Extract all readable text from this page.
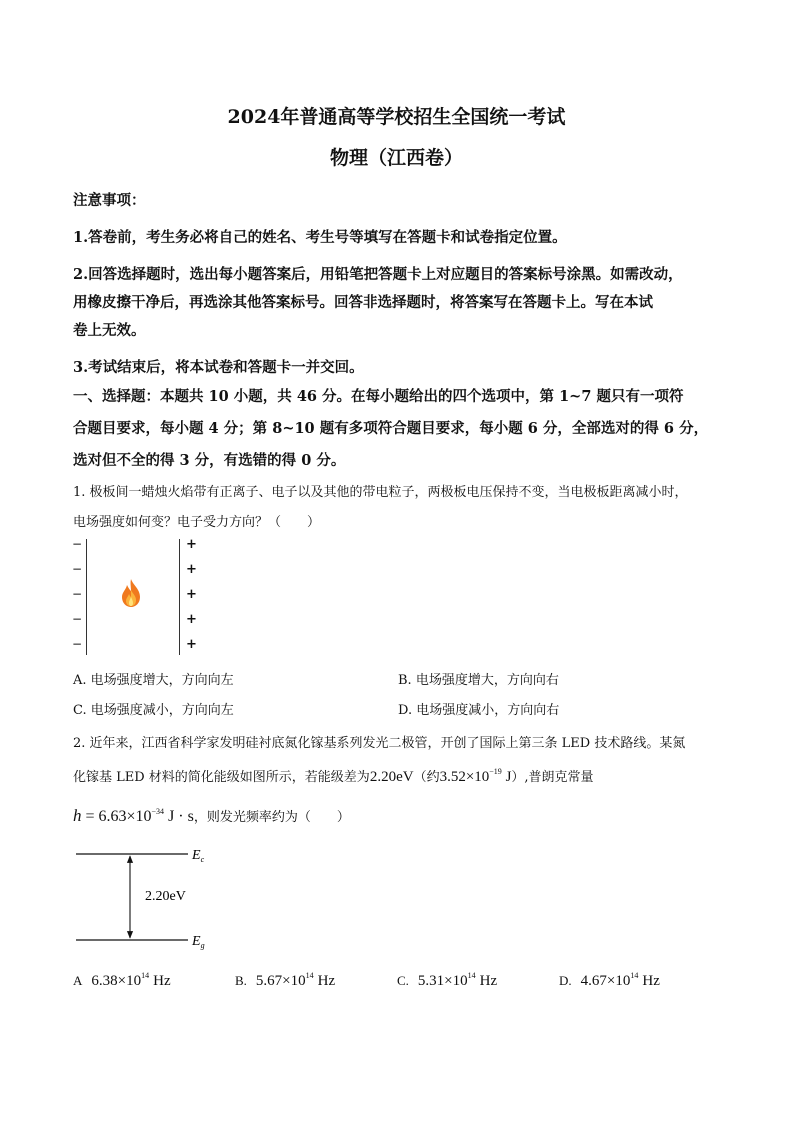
2024年普通高等学校招生全国统一考试
物理（江西卷）
注意事项：
1.答卷前，考生务必将自己的姓名、考生号等填写在答题卡和试卷指定位置。
2.回答选择题时，选出每小题答案后，用铅笔把答题卡上对应题目的答案标号涂黑。如需改动，
用橡皮擦干净后，再选涂其他答案标号。回答非选择题时，将答案写在答题卡上。写在本试
卷上无效。
3.考试结束后，将本试卷和答题卡一并交回。
一、选择题：本题共 10 小题，共 46 分。在每小题给出的四个选项中，第 1~7 题只有一项符
合题目要求，每小题 4 分；第 8~10 题有多项符合题目要求，每小题 6 分，全部选对的得 6 分，
选对但不全的得 3 分，有选错的得 0 分。
1. 极板间一蜡烛火焰带有正离子、电子以及其他的带电粒子，两极板电压保持不变，当电极板距离减小时，
电场强度如何变？电子受力方向？（　　）
−
−
−
−
−
+
+
+
+
+
A. 电场强度增大，方向向左	B. 电场强度增大，方向向右
C. 电场强度减小，方向向左	D. 电场强度减小，方向向右
2. 近年来，江西省科学家发明硅衬底氮化镓基系列发光二极管，开创了国际上第三条 LED 技术路线。某氮
化镓基 LED 材料的简化能级如图所示，若能级差为2.20eV（约$3.52\times 10^{-19}$ J）,普朗克常量
$h = 6.63\times 10^{-34}$ J · s，则发光频率约为（　　）
$E_c$
$E_g$
2.20eV
A $6.38\times 10^{14}$ Hz	B. $5.67\times 10^{14}$ Hz	C. $5.31\times 10^{14}$ Hz	D. $4.67\times 10^{14}$ Hz
